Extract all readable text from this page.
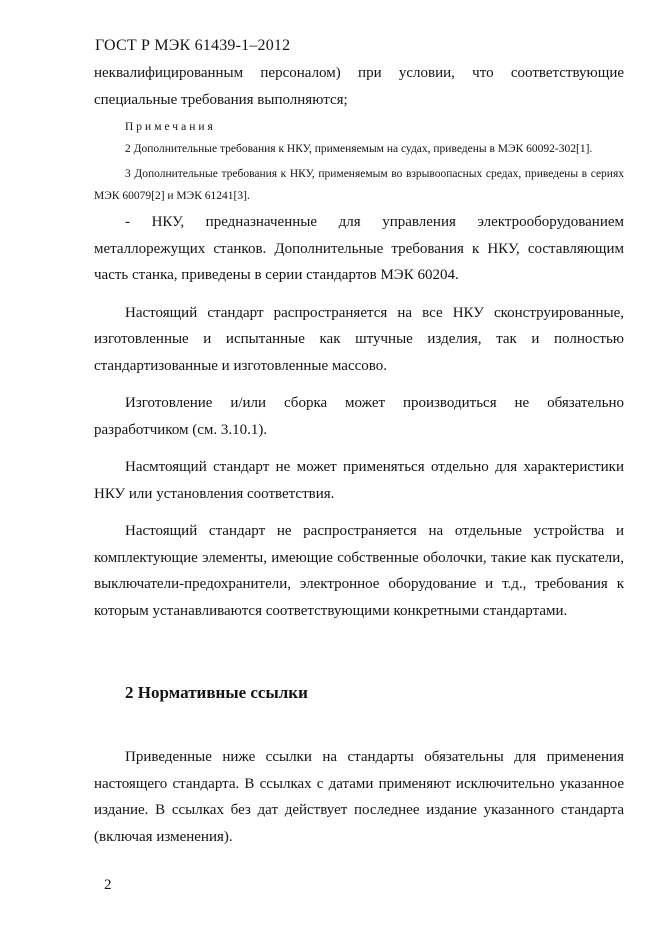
ГОСТ Р МЭК 61439-1–2012

неквалифицированным персоналом) при условии, что соответствующие специальные требования выполняются;

Примечания

2 Дополнительные требования к НКУ, применяемым на судах, приведены в МЭК 60092-302[1].

3 Дополнительные требования к НКУ, применяемым во взрывоопасных средах, приведены в сериях МЭК 60079[2] и МЭК 61241[3].

- НКУ, предназначенные для управления электрооборудованием металлорежущих станков. Дополнительные требования к НКУ, составляющим часть станка, приведены в серии стандартов МЭК 60204.

Настоящий стандарт распространяется на все НКУ сконструированные, изготовленные и испытанные как штучные изделия, так и полностью стандартизованные и изготовленные массово.

Изготовление и/или сборка может производиться не обязательно разработчиком (см. 3.10.1).

Насмтоящий стандарт не может применяться отдельно для характеристики НКУ или установления соответствия.

Настоящий стандарт не распространяется на отдельные устройства и комплектующие элементы, имеющие собственные оболочки, такие как пускатели, выключатели-предохранители, электронное оборудование и т.д., требования к которым устанавливаются соответствующими конкретными стандартами.

2 Нормативные ссылки

Приведенные ниже ссылки на стандарты обязательны для применения настоящего стандарта. В ссылках с датами применяют исключительно указанное издание. В ссылках без дат действует последнее издание указанного стандарта (включая изменения).

2
